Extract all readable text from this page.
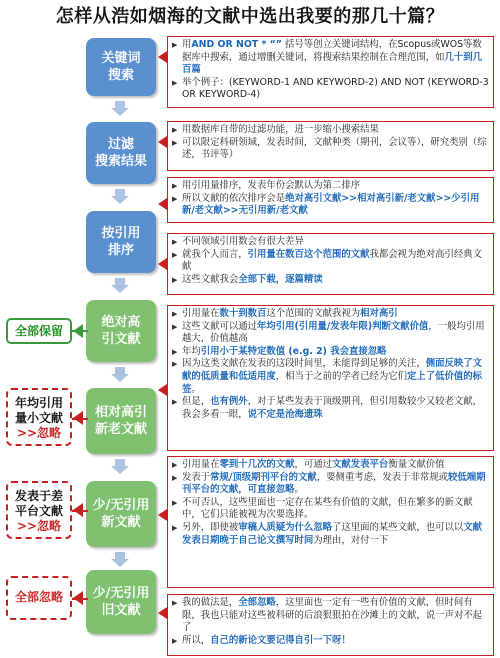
怎样从浩如烟海的文献中选出我要的那几十篇？
关键词
搜索
过滤
搜索结果
按引用
排序
绝对高
引文献
相对高引
新老文献
少/无引用
新文献
少/无引用
旧文献
全部保留
年均引用
量小文献
>>忽略
发表于差
平台文献
>>忽略
全部忽略
▶ 用AND OR NOT * “” 括号等创立关键词结构，在Scopus或WOS等数据库中搜索，通过增删关键词，将搜索结果控制在合理范围，如几十到几百篇
▶ 举个例子：(KEYWORD-1 AND KEYWORD-2) AND NOT (KEYWORD-3 OR KEYWORD-4)
▶ 用数据库自带的过滤功能，进一步缩小搜索结果
▶ 可以限定科研领域，发表时间，文献种类（期刊，会议等），研究类别（综述，书评等）
▶ 用引用量排序，发表年份会默认为第二排序
▶ 所以文献的依次排序会是绝对高引文献>>相对高引新/老文献>>少引用新/老文献>>无引用新/老文献
▶ 不同领域引用数会有很大差异
▶ 就我个人而言，引用量在数百这个范围的文献我都会视为绝对高引经典文献
▶ 这些文献我会全部下载，逐篇精读
▶ 引用量在数十到数百这个范围的文献我视为相对高引
▶ 这些文献可以通过年均引用(引用量/发表年限)判断文献价值，一般均引用越大，价值越高
▶ 年均引用小于某特定数值 (e.g. 2) 我会直接忽略
▶ 因为这类文献在发表的这段时间里，未能得到足够的关注，侧面反映了文献的低质量和低适用度，相当于之前的学者已经为它们定上了低价值的标签。
▶ 但是，也有例外，对于某些发表于顶级期刊，但引用数较少又较老文献，我会多看一眼，说不定是沧海遗珠
▶ 引用量在零到十几次的文献，可通过文献发表平台衡量文献价值
▶ 发表于常规/顶级期刊平台的文献，要侧重考虑，发表于非常规或较低端期刊平台的文献，可直接忽略。
▶ 不可否认，这些里面也一定存在某些有价值的文献，但在繁多的新文献中，它们只能被视为次要选择。
▶ 另外，即使被审稿人质疑为什么忽略了这里面的某些文献，也可以以文献发表日期晚于自己论文撰写时间为理由，对付一下
▶ 我的做法是，全部忽略，这里面也一定有一些有价值的文献，但时间有限，我也只能对这些被科研的后浪狠狠拍在沙滩上的文献，说一声对不起了
▶ 所以，自己的新论文要记得自引一下呀！
